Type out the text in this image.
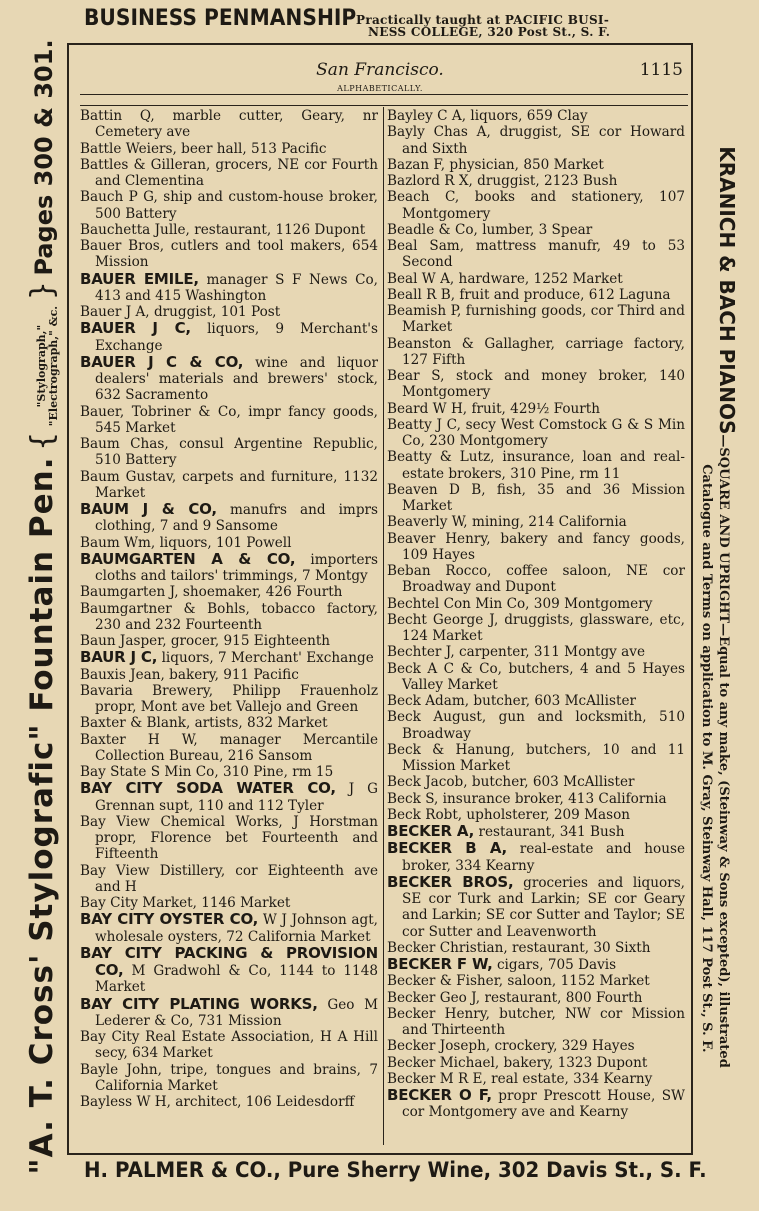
BUSINESS PENMANSHIP Practically taught at PACIFIC BUSI-
NESS COLLEGE, 320 Post St., S. F.
"A. T. Cross' Stylografic" Fountain Pen. { "Stylograph,"
"Electrograph," &c. } Pages 300 & 301.	KRANICH & BACH PIANOS—SQUARE AND UPRIGHT—Equal to any make, (Steinway & Sons excepted), illustrated
Catalogue and Terms on application to M. Gray, Steinway Hall, 117 Post St., S. F.
San Francisco.	1115
ALPHABETICALLY.

Battin Q, marble cutter, Geary, nr Cemetery ave

Battle Weiers, beer hall, 513 Pacific

Battles & Gilleran, grocers, NE cor Fourth and Clementina

Bauch P G, ship and custom-house broker, 500 Battery

Bauchetta Julle, restaurant, 1126 Dupont

Bauer Bros, cutlers and tool makers, 654 Mission

BAUER EMILE, manager S F News Co, 413 and 415 Washington

Bauer J A, druggist, 101 Post

BAUER J C, liquors, 9 Merchant's Exchange

BAUER J C & CO, wine and liquor dealers' materials and brewers' stock, 632 Sacramento

Bauer, Tobriner & Co, impr fancy goods, 545 Market

Baum Chas, consul Argentine Republic, 510 Battery

Baum Gustav, carpets and furniture, 1132 Market

BAUM J & CO, manufrs and imprs clothing, 7 and 9 Sansome

Baum Wm, liquors, 101 Powell

BAUMGARTEN A & CO, importers cloths and tailors' trimmings, 7 Montgy

Baumgarten J, shoemaker, 426 Fourth

Baumgartner & Bohls, tobacco factory, 230 and 232 Fourteenth

Baun Jasper, grocer, 915 Eighteenth

BAUR J C, liquors, 7 Merchant' Exchange

Bauxis Jean, bakery, 911 Pacific

Bavaria Brewery, Philipp Frauenholz propr, Mont ave bet Vallejo and Green

Baxter & Blank, artists, 832 Market

Baxter H W, manager Mercantile Collection Bureau, 216 Sansom

Bay State S Min Co, 310 Pine, rm 15

BAY CITY SODA WATER CO, J G Grennan supt, 110 and 112 Tyler

Bay View Chemical Works, J Horstman propr, Florence bet Fourteenth and Fifteenth

Bay View Distillery, cor Eighteenth ave and H

Bay City Market, 1146 Market

BAY CITY OYSTER CO, W J Johnson agt, wholesale oysters, 72 California Market

BAY CITY PACKING & PROVISION CO, M Gradwohl & Co, 1144 to 1148 Market

BAY CITY PLATING WORKS, Geo M Lederer & Co, 731 Mission

Bay City Real Estate Association, H A Hill secy, 634 Market

Bayle John, tripe, tongues and brains, 7 California Market

Bayless W H, architect, 106 Leidesdorff

Bayley C A, liquors, 659 Clay

Bayly Chas A, druggist, SE cor Howard and Sixth

Bazan F, physician, 850 Market

Bazlord R X, druggist, 2123 Bush

Beach C, books and stationery, 107 Montgomery

Beadle & Co, lumber, 3 Spear

Beal Sam, mattress manufr, 49 to 53 Second

Beal W A, hardware, 1252 Market

Beall R B, fruit and produce, 612 Laguna

Beamish P, furnishing goods, cor Third and Market

Beanston & Gallagher, carriage factory, 127 Fifth

Bear S, stock and money broker, 140 Montgomery

Beard W H, fruit, 429½ Fourth

Beatty J C, secy West Comstock G & S Min Co, 230 Montgomery

Beatty & Lutz, insurance, loan and real-estate brokers, 310 Pine, rm 11

Beaven D B, fish, 35 and 36 Mission Market

Beaverly W, mining, 214 California

Beaver Henry, bakery and fancy goods, 109 Hayes

Beban Rocco, coffee saloon, NE cor Broadway and Dupont

Bechtel Con Min Co, 309 Montgomery

Becht George J, druggists, glassware, etc, 124 Market

Bechter J, carpenter, 311 Montgy ave

Beck A C & Co, butchers, 4 and 5 Hayes Valley Market

Beck Adam, butcher, 603 McAllister

Beck August, gun and locksmith, 510 Broadway

Beck & Hanung, butchers, 10 and 11 Mission Market

Beck Jacob, butcher, 603 McAllister

Beck S, insurance broker, 413 California

Beck Robt, upholsterer, 209 Mason

BECKER A, restaurant, 341 Bush

BECKER B A, real-estate and house broker, 334 Kearny

BECKER BROS, groceries and liquors, SE cor Turk and Larkin; SE cor Geary and Larkin; SE cor Sutter and Taylor; SE cor Sutter and Leavenworth

Becker Christian, restaurant, 30 Sixth

BECKER F W, cigars, 705 Davis

Becker & Fisher, saloon, 1152 Market

Becker Geo J, restaurant, 800 Fourth

Becker Henry, butcher, NW cor Mission and Thirteenth

Becker Joseph, crockery, 329 Hayes

Becker Michael, bakery, 1323 Dupont

Becker M R E, real estate, 334 Kearny

BECKER O F, propr Prescott House, SW cor Montgomery ave and Kearny

H. PALMER & CO., Pure Sherry Wine, 302 Davis St., S. F.
